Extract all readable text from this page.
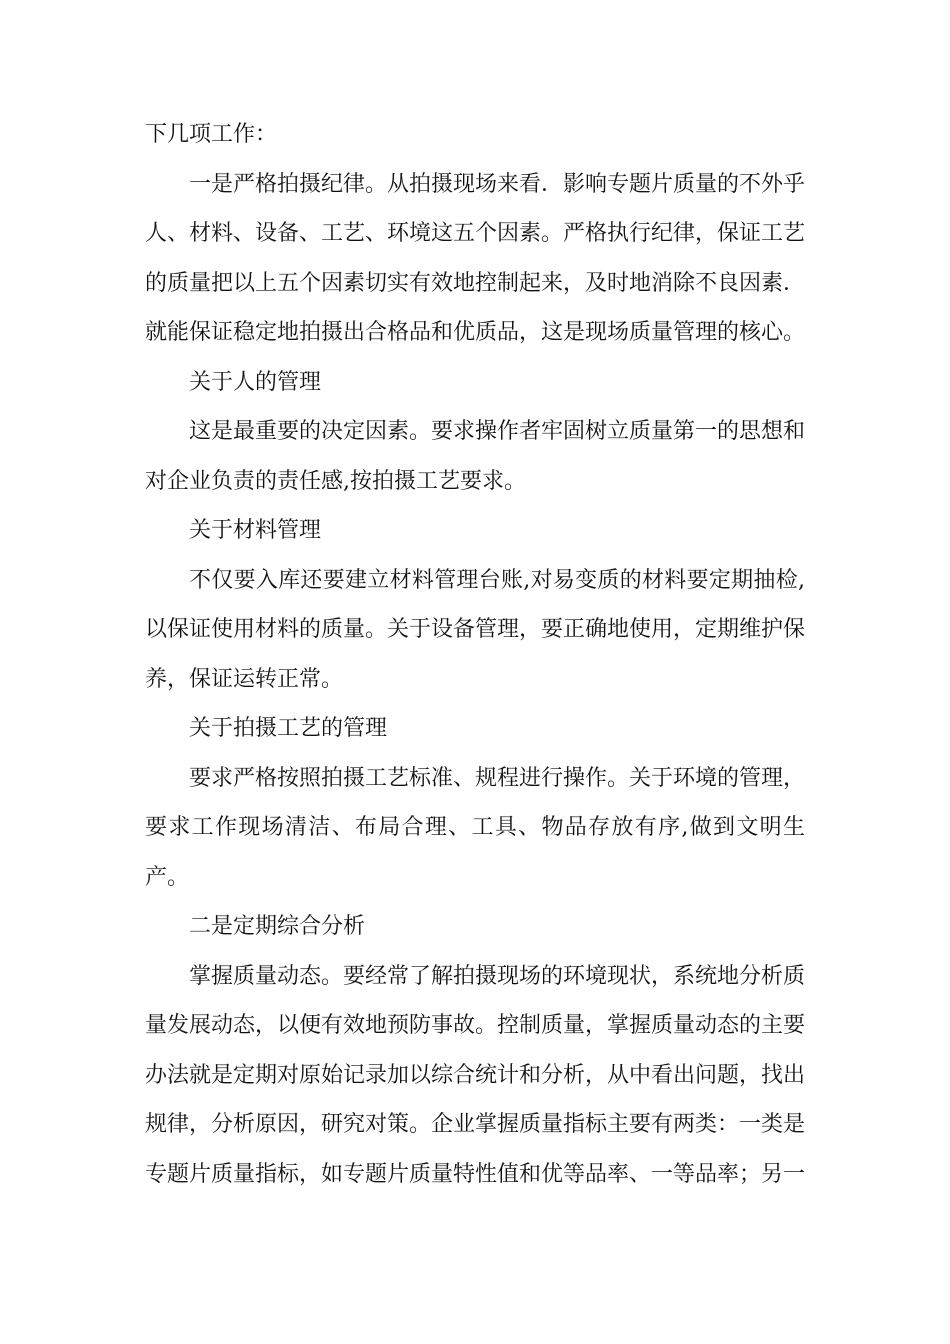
下几项工作：

一是严格拍摄纪律。从拍摄现场来看．影响专题片质量的不外乎人、材料、设备、工艺、环境这五个因素。严格执行纪律，保证工艺的质量把以上五个因素切实有效地控制起来，及时地消除不良因素．就能保证稳定地拍摄出合格品和优质品，这是现场质量管理的核心。

关于人的管理

这是最重要的决定因素。要求操作者牢固树立质量第一的思想和对企业负责的责任感,按拍摄工艺要求。

关于材料管理

不仅要入库还要建立材料管理台账,对易变质的材料要定期抽检,以保证使用材料的质量。关于设备管理，要正确地使用，定期维护保养，保证运转正常。

关于拍摄工艺的管理

要求严格按照拍摄工艺标准、规程进行操作。关于环境的管理，要求工作现场清洁、布局合理、工具、物品存放有序,做到文明生产。

二是定期综合分析

掌握质量动态。要经常了解拍摄现场的环境现状，系统地分析质量发展动态，以便有效地预防事故。控制质量，掌握质量动态的主要办法就是定期对原始记录加以综合统计和分析，从中看出问题，找出规律，分析原因，研究对策。企业掌握质量指标主要有两类：一类是专题片质量指标，如专题片质量特性值和优等品率、一等品率；另一
